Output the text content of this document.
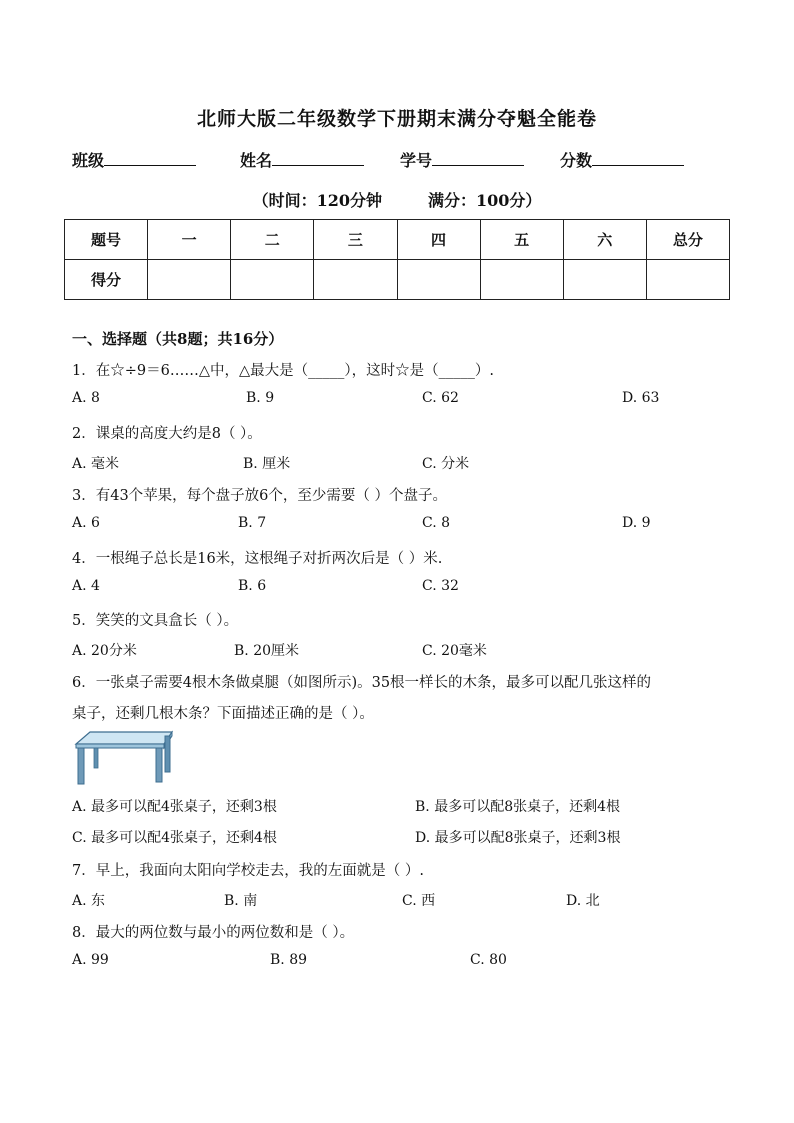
北师大版二年级数学下册期末满分夺魁全能卷
班级	姓名	学号	分数
（时间：120分钟	满分：100分）
题号	一	二	三	四	五	六	总分
得分							
一、选择题（共8题；共16分）
1．在☆÷9＝6……△中，△最大是（_____），这时☆是（_____）.
A. 8	B. 9	C. 62	D. 63
2．课桌的高度大约是8（ ）。
A. 毫米	B. 厘米	C. 分米
3．有43个苹果，每个盘子放6个，至少需要（ ）个盘子。
A. 6	B. 7	C. 8	D. 9
4．一根绳子总长是16米，这根绳子对折两次后是（ ）米.
A. 4	B. 6	C. 32
5．笑笑的文具盒长（ ）。
A. 20分米	B. 20厘米	C. 20毫米
6．一张桌子需要4根木条做桌腿（如图所示)。35根一样长的木条，最多可以配几张这样的
桌子，还剩几根木条？下面描述正确的是（ ）。
A. 最多可以配4张桌子，还剩3根	B. 最多可以配8张桌子，还剩4根
C. 最多可以配4张桌子，还剩4根	D. 最多可以配8张桌子，还剩3根
7．早上，我面向太阳向学校走去，我的左面就是（ ）.
A. 东	B. 南	C. 西	D. 北
8．最大的两位数与最小的两位数和是（ ）。
A. 99	B. 89	C. 80
